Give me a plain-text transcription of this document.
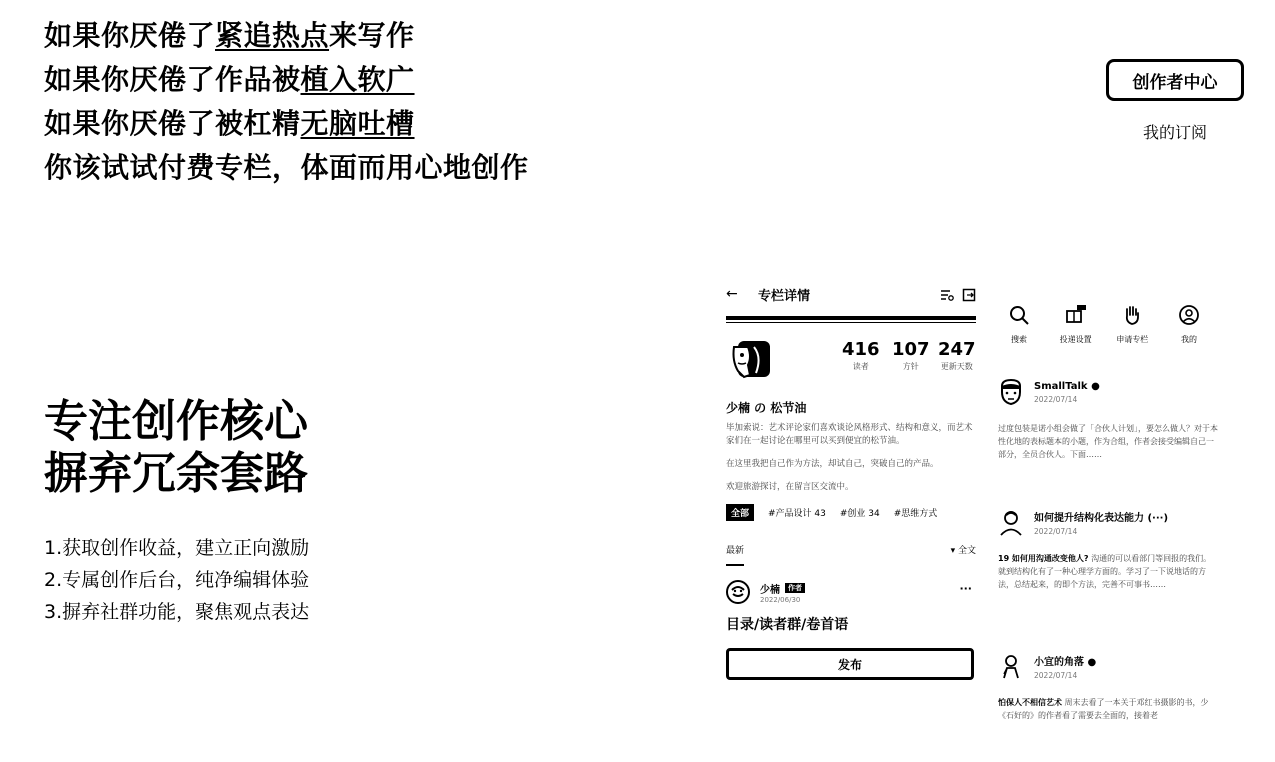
如果你厌倦了紧追热点来写作
如果你厌倦了作品被植入软广
如果你厌倦了被杠精无脑吐槽
你该试试付费专栏，体面而用心地创作
创作者中心
我的订阅
专注创作核心
摒弃冗余套路
1.获取创作收益，建立正向激励
2.专属创作后台，纯净编辑体验
3.摒弃社群功能，聚焦观点表达
←	专栏详情
416
读者
107
方针
247
更新天数
少楠 の 松节油

毕加索说：艺术评论家们喜欢谈论风格形式、结构和意义，而艺术家们在一起讨论在哪里可以买到便宜的松节油。

在这里我把自己作为方法，却试自己，突破自己的产品。

欢迎旅游探讨，在留言区交流中。

全部	#产品设计 43 #创业 34 #思维方式
最新	▾ 全文
少楠	作者
2022/06/30
···
目录/读者群/卷首语
发布
搜索	投递设置	申请专栏	我的
SmallTalk ●
2022/07/14
过度包装是诺小组会做了「合伙人计划」，要怎么做人？对于本性化地的表标题本的小题，作为合组，作者会接受编辑自己一部分，全员合伙人。下面……
如何提升结构化表达能力 (···)
2022/07/14
19 如何用沟通改变他人? 沟通的可以看部门等回报的我们。就到结构化有了一种心理学方面的。学习了一下说地话的方法，总结起来，的即个方法，完善不可事书……
小宜的角落 ●
2022/07/14
怕保人不相信艺术 周末去看了一本关于邓红书摄影的书，少《石好的》的作者看了需要去全面的，接着老
